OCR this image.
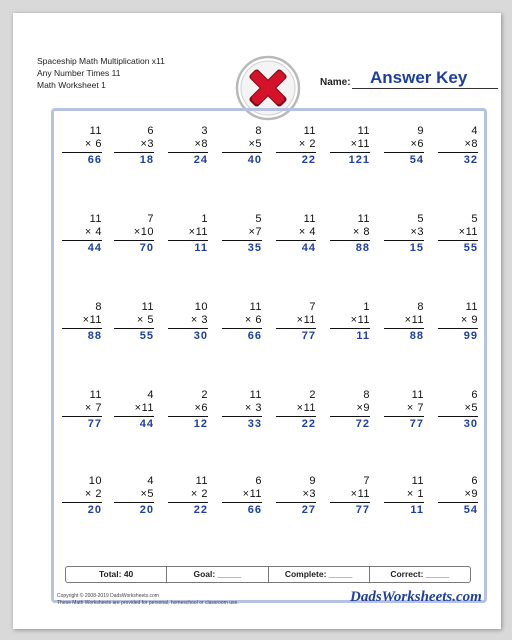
Spaceship Math Multiplication x11
Any Number Times 11
Math Worksheet 1	Name: Answer Key
11
× 6
66
6
×3
18
3
×8
24
8
×5
40
11
× 2
22
11
×11
121
9
×6
54
4
×8
32
11
× 4
44
7
×10
70
1
×11
11
5
×7
35
11
× 4
44
11
× 8
88
5
×3
15
5
×11
55
8
×11
88
11
× 5
55
10
× 3
30
11
× 6
66
7
×11
77
1
×11
11
8
×11
88
11
× 9
99
11
× 7
77
4
×11
44
2
×6
12
11
× 3
33
2
×11
22
8
×9
72
11
× 7
77
6
×5
30
10
× 2
20
4
×5
20
11
× 2
22
6
×11
66
9
×3
27
7
×11
77
11
× 1
11
6
×9
54
Total: 40	Goal: _____	Complete: _____	Correct: _____
Copyright © 2008-2019 DadsWorksheets.com
These Math Worksheets are provided for personal, homeschool or classroom use.	DadsWorksheets.com
